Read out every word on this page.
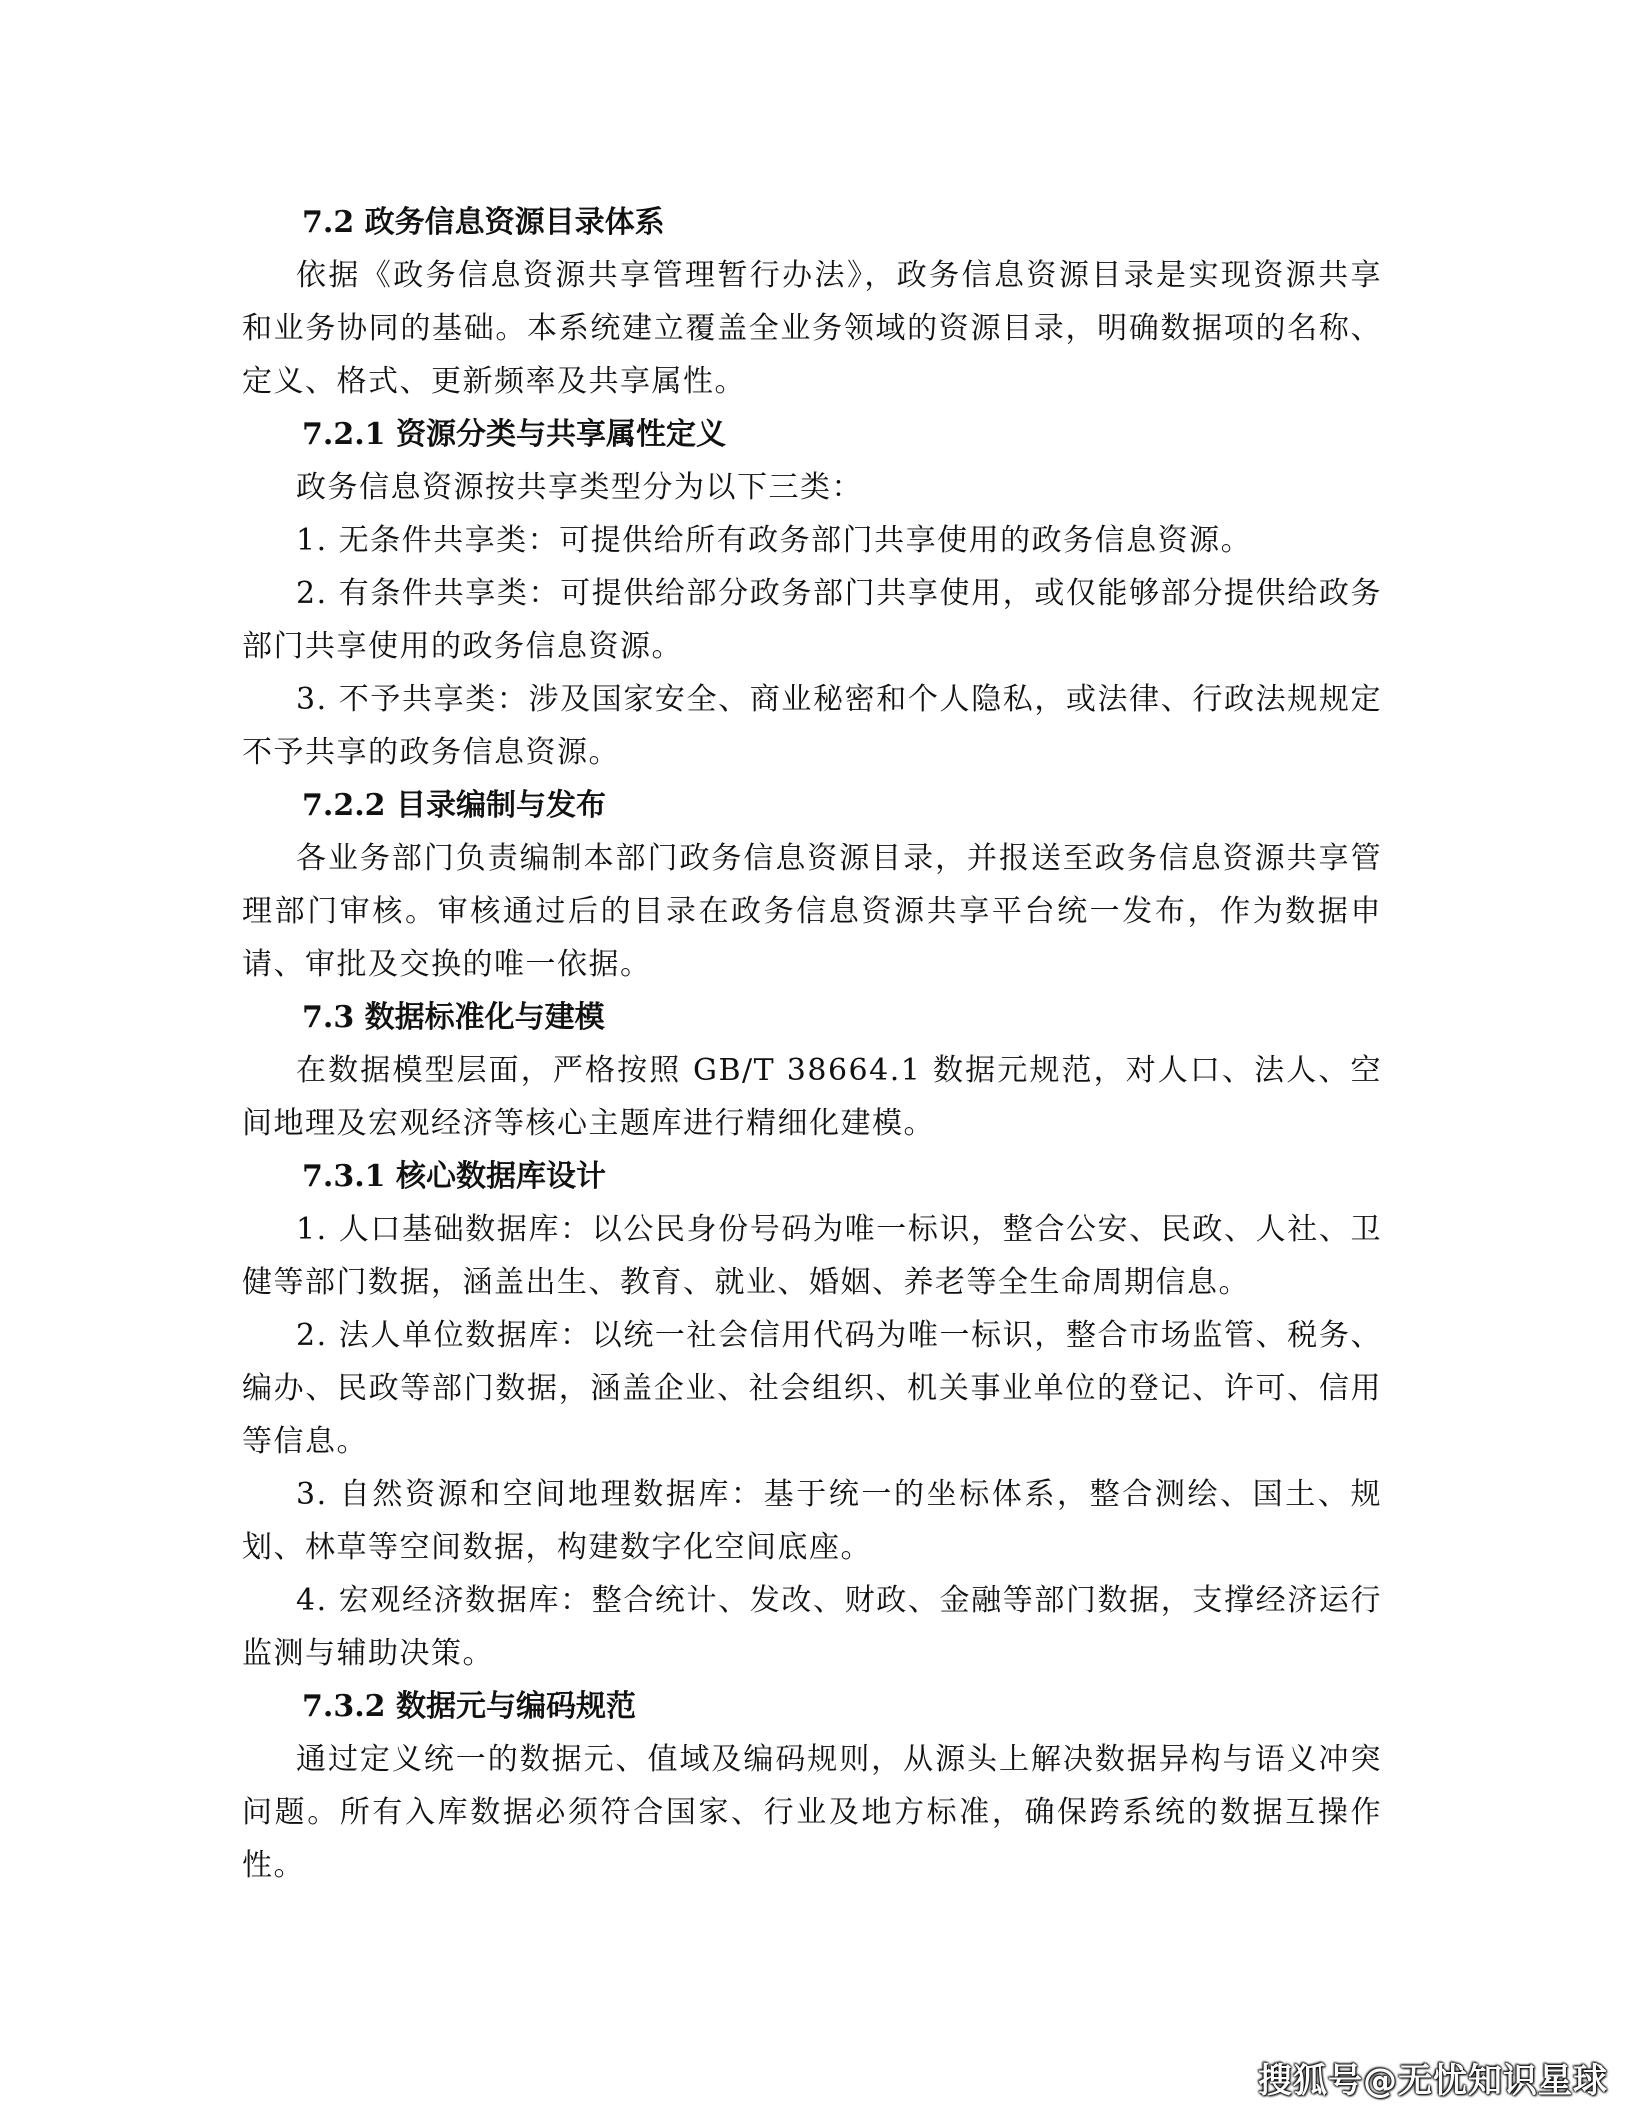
7.2 政务信息资源目录体系

依据《政务信息资源共享管理暂行办法》，政务信息资源目录是实现资源共享和业务协同的基础。本系统建立覆盖全业务领域的资源目录，明确数据项的名称、定义、格式、更新频率及共享属性。

7.2.1 资源分类与共享属性定义

政务信息资源按共享类型分为以下三类：

1. 无条件共享类：可提供给所有政务部门共享使用的政务信息资源。

2. 有条件共享类：可提供给部分政务部门共享使用，或仅能够部分提供给政务部门共享使用的政务信息资源。

3. 不予共享类：涉及国家安全、商业秘密和个人隐私，或法律、行政法规规定不予共享的政务信息资源。

7.2.2 目录编制与发布

各业务部门负责编制本部门政务信息资源目录，并报送至政务信息资源共享管理部门审核。审核通过后的目录在政务信息资源共享平台统一发布，作为数据申请、审批及交换的唯一依据。

7.3 数据标准化与建模

在数据模型层面，严格按照 GB/T 38664.1 数据元规范，对人口、法人、空间地理及宏观经济等核心主题库进行精细化建模。

7.3.1 核心数据库设计

1. 人口基础数据库：以公民身份号码为唯一标识，整合公安、民政、人社、卫健等部门数据，涵盖出生、教育、就业、婚姻、养老等全生命周期信息。

2. 法人单位数据库：以统一社会信用代码为唯一标识，整合市场监管、税务、编办、民政等部门数据，涵盖企业、社会组织、机关事业单位的登记、许可、信用等信息。

3. 自然资源和空间地理数据库：基于统一的坐标体系，整合测绘、国土、规划、林草等空间数据，构建数字化空间底座。

4. 宏观经济数据库：整合统计、发改、财政、金融等部门数据，支撑经济运行监测与辅助决策。

7.3.2 数据元与编码规范

通过定义统一的数据元、值域及编码规则，从源头上解决数据异构与语义冲突问题。所有入库数据必须符合国家、行业及地方标准，确保跨系统的数据互操作性。

搜狐号@无忧知识星球
